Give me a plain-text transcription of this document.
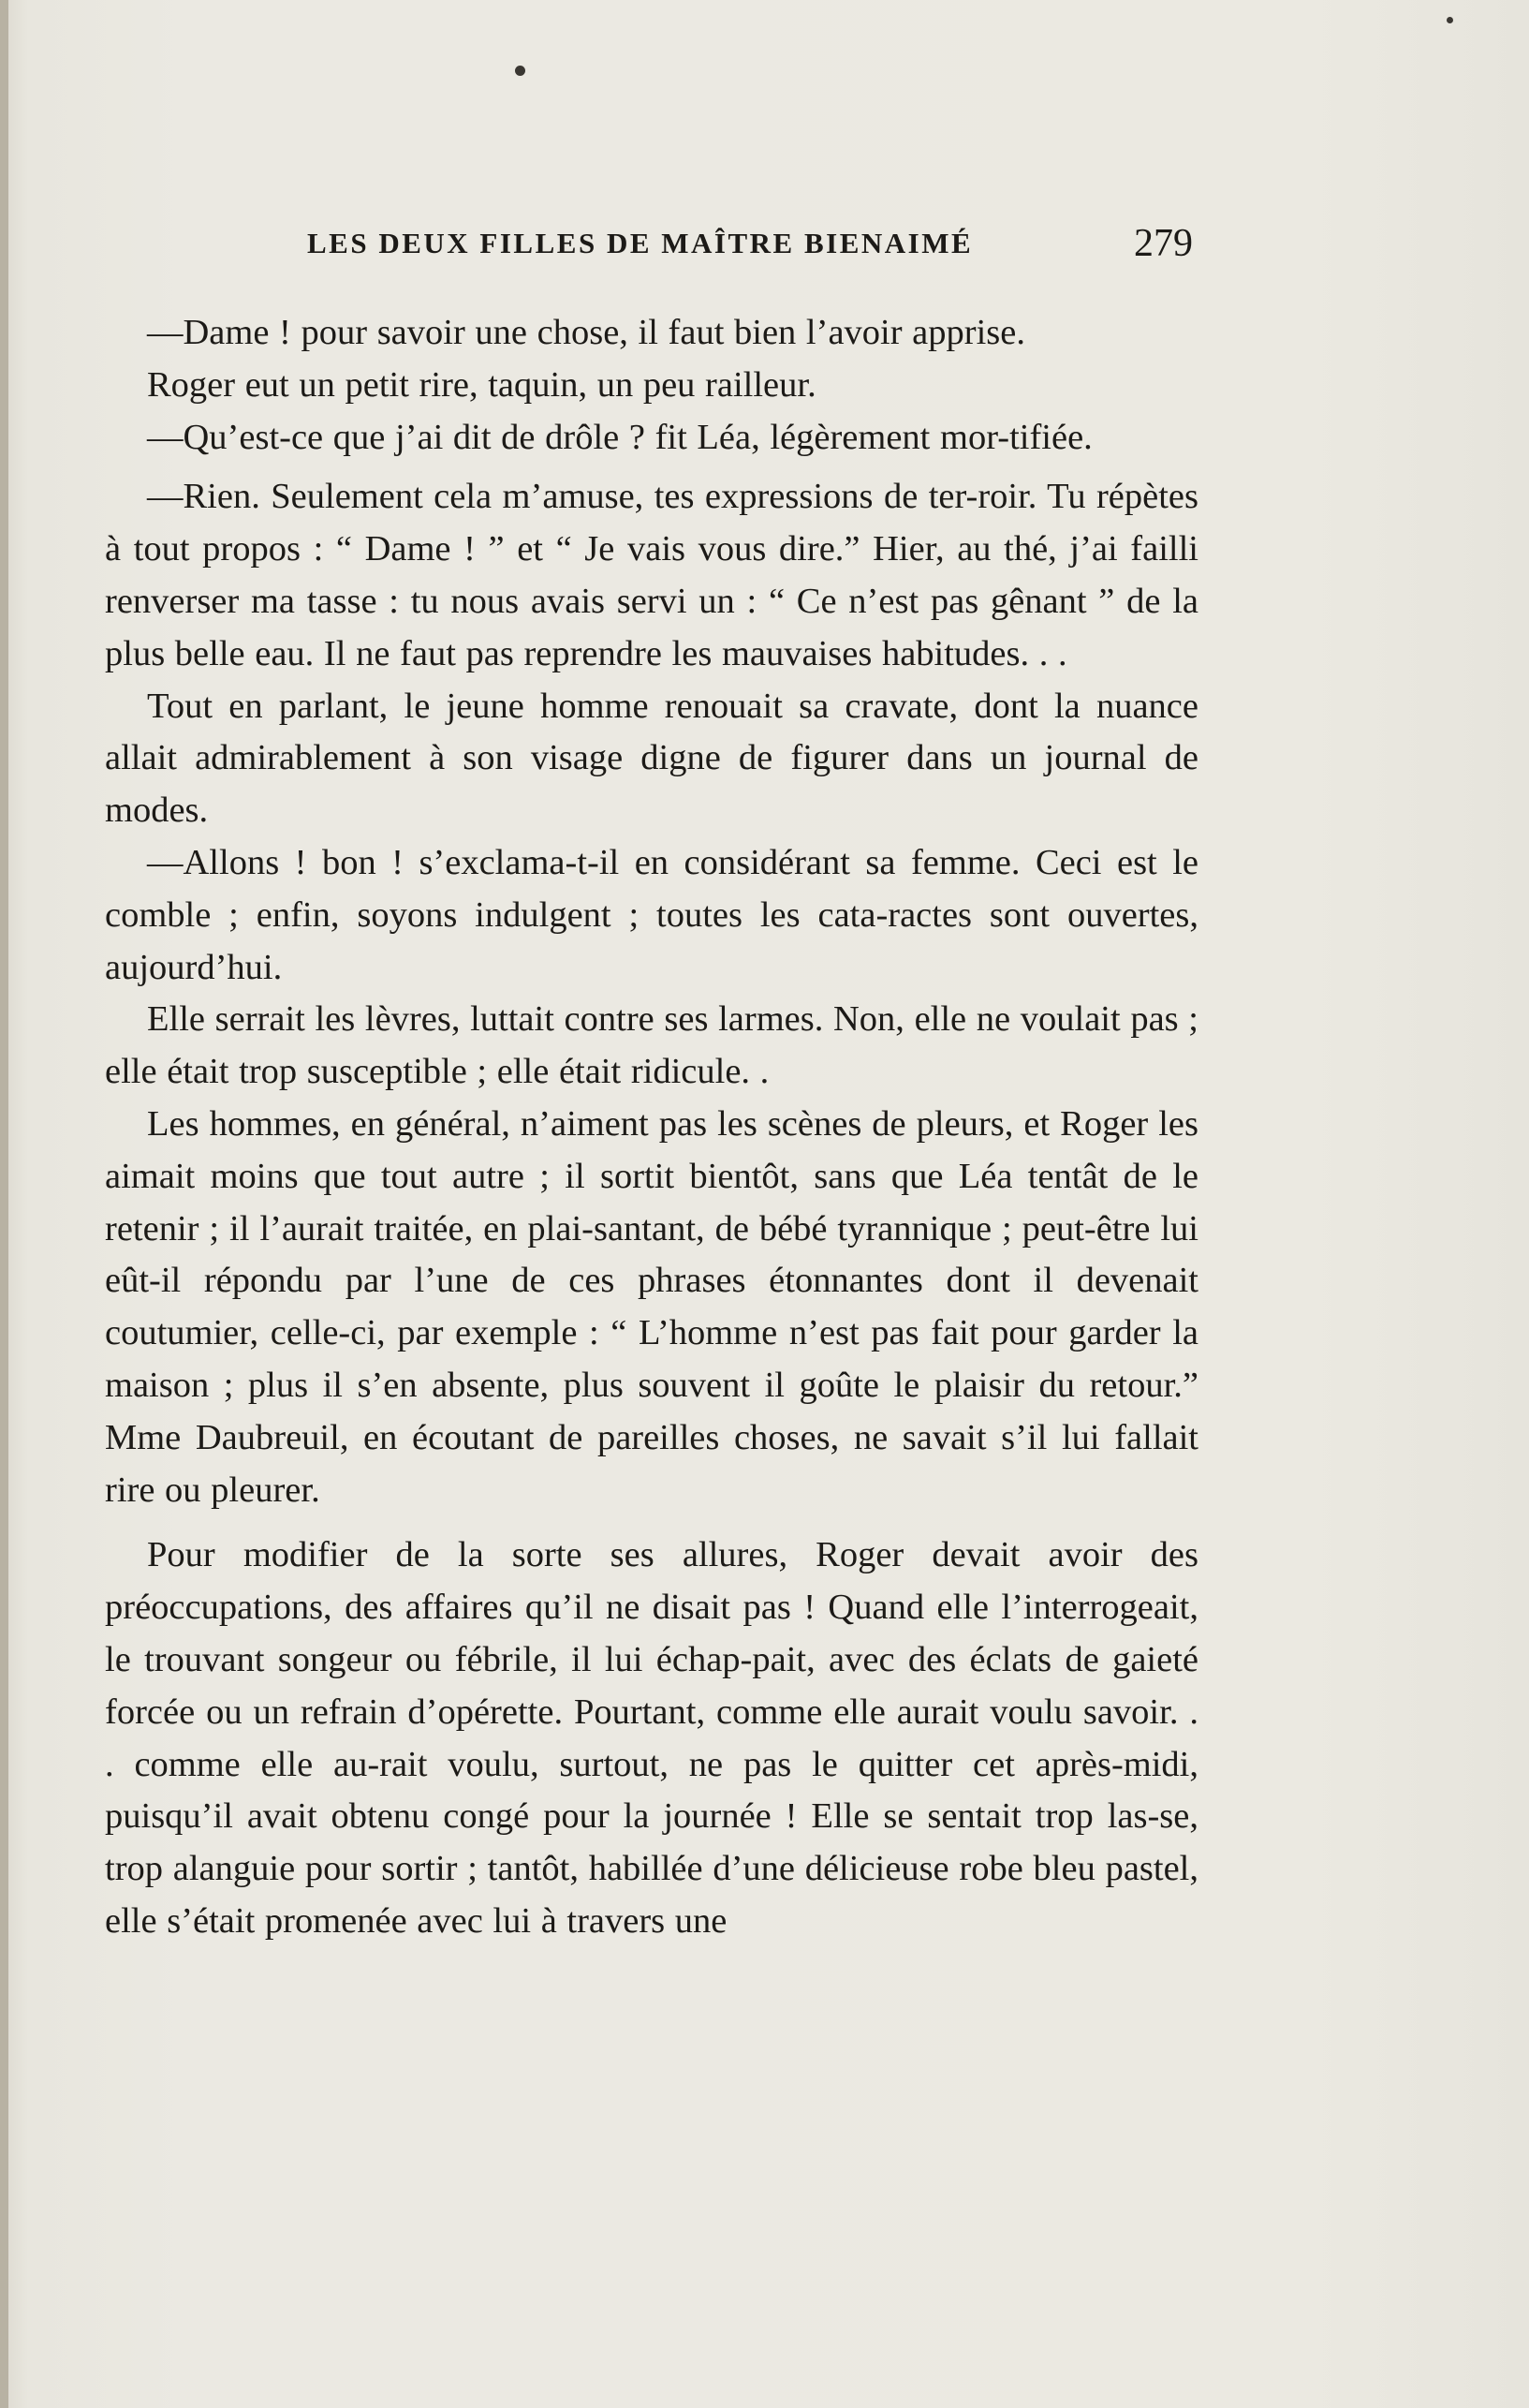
LES DEUX FILLES DE MAÎTRE BIENAIMÉ	279

—Dame ! pour savoir une chose, il faut bien l’avoir apprise.

Roger eut un petit rire, taquin, un peu railleur.

—Qu’est-ce que j’ai dit de drôle ? fit Léa, légèrement mor-tifiée.

—Rien. Seulement cela m’amuse, tes expressions de ter-roir. Tu répètes à tout propos : “ Dame ! ” et “ Je vais vous dire.” Hier, au thé, j’ai failli renverser ma tasse : tu nous avais servi un : “ Ce n’est pas gênant ” de la plus belle eau. Il ne faut pas reprendre les mauvaises habitudes. . .

Tout en parlant, le jeune homme renouait sa cravate, dont la nuance allait admirablement à son visage digne de figurer dans un journal de modes.

—Allons ! bon ! s’exclama-t-il en considérant sa femme. Ceci est le comble ; enfin, soyons indulgent ; toutes les cata-ractes sont ouvertes, aujourd’hui.

Elle serrait les lèvres, luttait contre ses larmes. Non, elle ne voulait pas ; elle était trop susceptible ; elle était ridicule. .

Les hommes, en général, n’aiment pas les scènes de pleurs, et Roger les aimait moins que tout autre ; il sortit bientôt, sans que Léa tentât de le retenir ; il l’aurait traitée, en plai-santant, de bébé tyrannique ; peut-être lui eût-il répondu par l’une de ces phrases étonnantes dont il devenait coutumier, celle-ci, par exemple : “ L’homme n’est pas fait pour garder la maison ; plus il s’en absente, plus souvent il goûte le plaisir du retour.” Mme Daubreuil, en écoutant de pareilles choses, ne savait s’il lui fallait rire ou pleurer.

Pour modifier de la sorte ses allures, Roger devait avoir des préoccupations, des affaires qu’il ne disait pas ! Quand elle l’interrogeait, le trouvant songeur ou fébrile, il lui échap-pait, avec des éclats de gaieté forcée ou un refrain d’opérette. Pourtant, comme elle aurait voulu savoir. . . comme elle au-rait voulu, surtout, ne pas le quitter cet après-midi, puisqu’il avait obtenu congé pour la journée ! Elle se sentait trop las-se, trop alanguie pour sortir ; tantôt, habillée d’une délicieuse robe bleu pastel, elle s’était promenée avec lui à travers une
